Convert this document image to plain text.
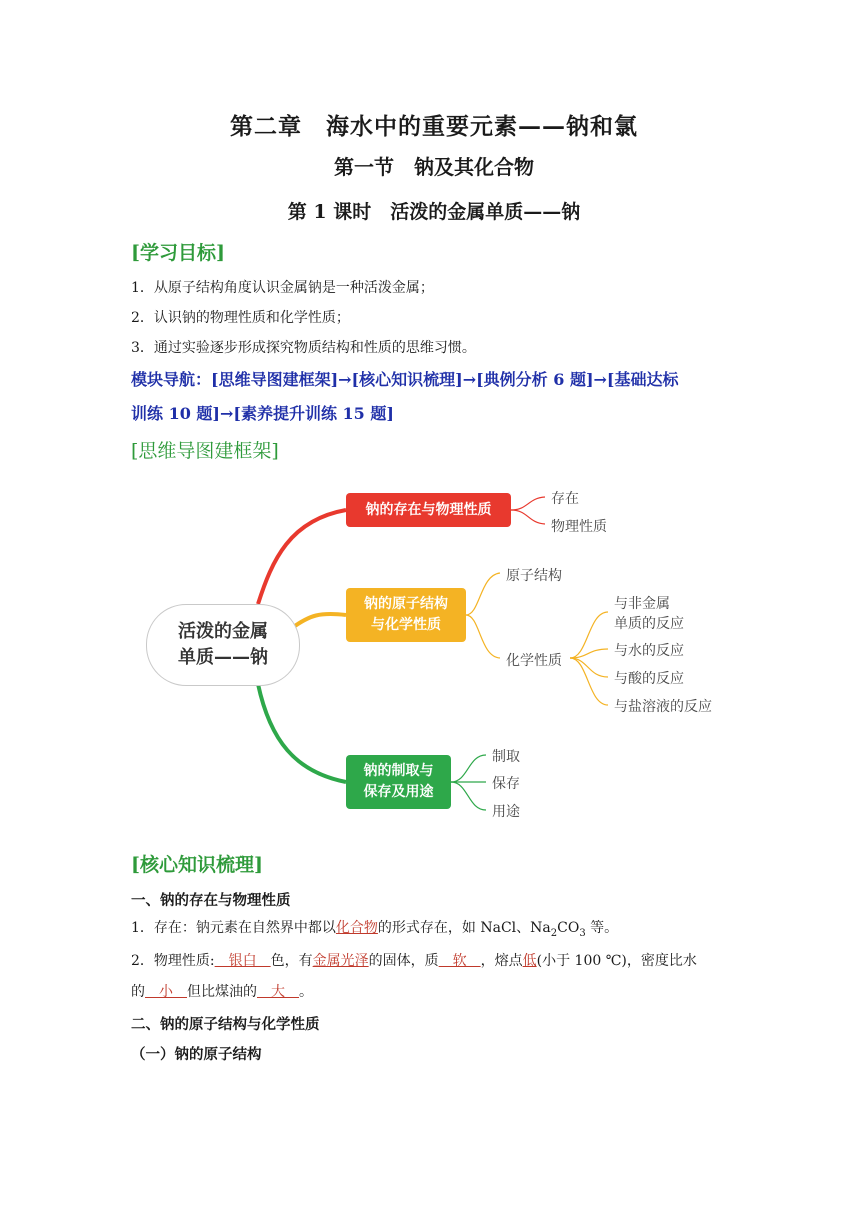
第二章　海水中的重要元素——钠和氯
第一节　钠及其化合物
第 1 课时　活泼的金属单质——钠
[学习目标]
1．从原子结构角度认识金属钠是一种活泼金属；
2．认识钠的物理性质和化学性质；
3．通过实验逐步形成探究物质结构和性质的思维习惯。
模块导航：[思维导图建框架]→[核心知识梳理]→[典例分析 6 题]→[基础达标
训练 10 题]→[素养提升训练 15 题]
[思维导图建框架]
活泼的金属
单质——钠
钠的存在与物理性质
钠的原子结构
与化学性质
钠的制取与
保存及用途
存在
物理性质
原子结构
化学性质
与非金属
单质的反应
与水的反应
与酸的反应
与盐溶液的反应
制取
保存
用途
[核心知识梳理]
一、钠的存在与物理性质
1．存在：钠元素在自然界中都以化合物的形式存在，如 NaCl、$Na_2CO_3$ 等。
2．物理性质:　银白　色，有金属光泽的固体，质　软　，熔点低(小于 100 ℃)，密度比水
的　小　但比煤油的　大　。
二、钠的原子结构与化学性质
（一）钠的原子结构
